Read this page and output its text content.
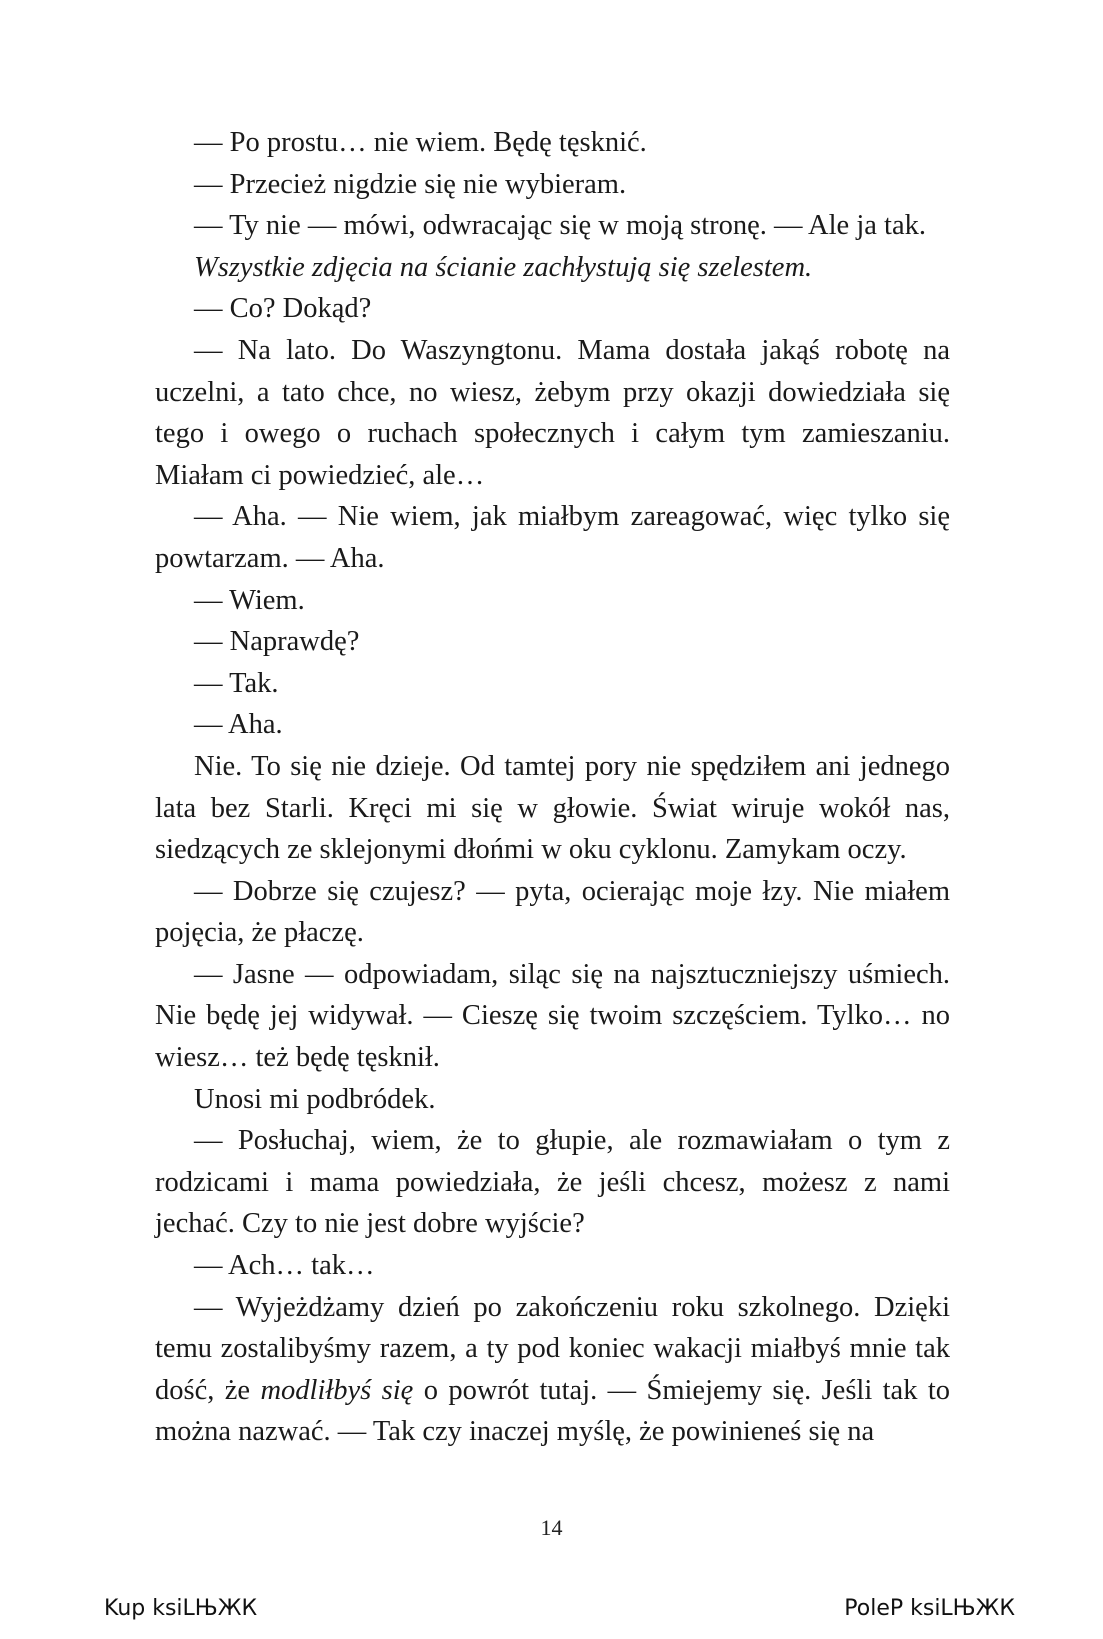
— Po prostu… nie wiem. Będę tęsknić.

— Przecież nigdzie się nie wybieram.

— Ty nie — mówi, odwracając się w moją stronę. — Ale ja tak.

Wszystkie zdjęcia na ścianie zachłystują się szelestem.

— Co? Dokąd?

— Na lato. Do Waszyngtonu. Mama dostała jakąś robotę na uczelni, a tato chce, no wiesz, żebym przy okazji dowiedziała się tego i owego o ruchach społecznych i całym tym zamieszaniu. Miałam ci powiedzieć, ale…

— Aha. — Nie wiem, jak miałbym zareagować, więc tylko się powtarzam. — Aha.

— Wiem.

— Naprawdę?

— Tak.

— Aha.

Nie. To się nie dzieje. Od tamtej pory nie spędziłem ani jednego lata bez Starli. Kręci mi się w głowie. Świat wiruje wokół nas, siedzących ze sklejonymi dłońmi w oku cyklonu. Zamykam oczy.

— Dobrze się czujesz? — pyta, ocierając moje łzy. Nie miałem pojęcia, że płaczę.

— Jasne — odpowiadam, siląc się na najsztuczniejszy uśmiech. Nie będę jej widywał. — Cieszę się twoim szczęściem. Tylko… no wiesz… też będę tęsknił.

Unosi mi podbródek.

— Posłuchaj, wiem, że to głupie, ale rozmawiałam o tym z rodzicami i mama powiedziała, że jeśli chcesz, możesz z nami jechać. Czy to nie jest dobre wyjście?

— Ach… tak…

— Wyjeżdżamy dzień po zakończeniu roku szkolnego. Dzięki temu zostalibyśmy razem, a ty pod koniec wakacji miałbyś mnie tak dość, że modliłbyś się o powrót tutaj. — Śmiejemy się. Jeśli tak to można nazwać. — Tak czy inaczej myślę, że powinieneś się na

14
Kup ksiLЊЖК	PoleP ksiLЊЖК
